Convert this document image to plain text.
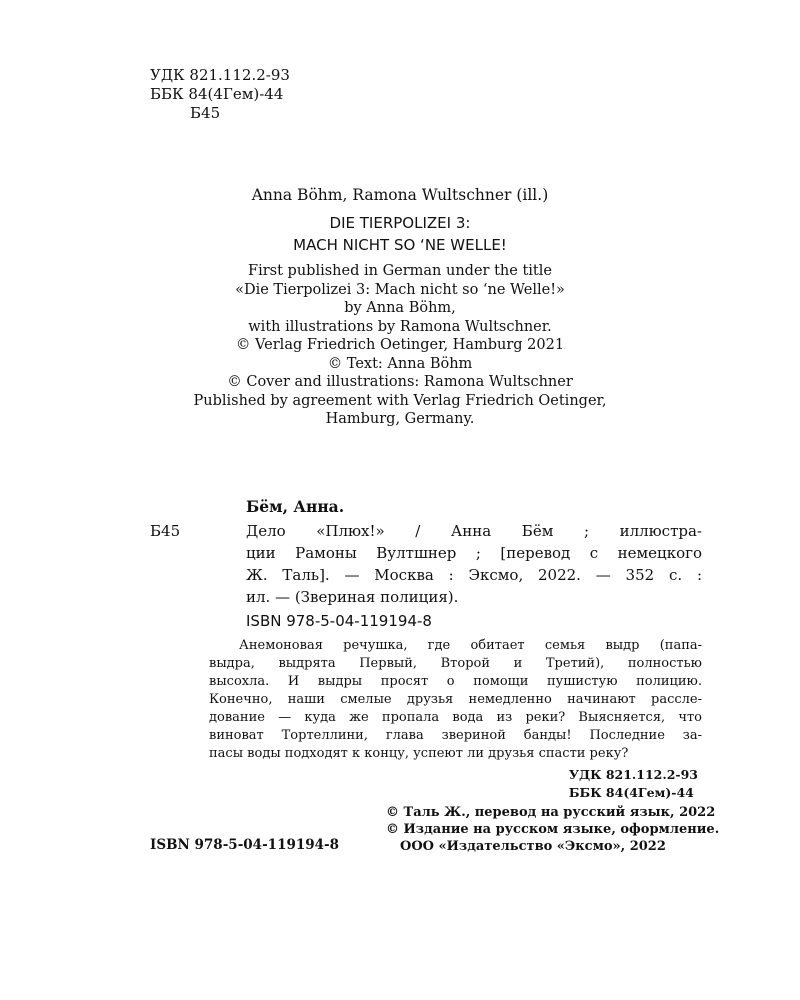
УДК 821.112.2-93
ББК 84(4Гем)-44
Б45
Anna Böhm, Ramona Wultschner (ill.)
DIE TIERPOLIZEI 3:
MACH NICHT SO ‘NE WELLE!
First published in German under the title
«Die Tierpolizei 3: Mach nicht so ‘ne Welle!»
by Anna Böhm,
with illustrations by Ramona Wultschner.
© Verlag Friedrich Oetinger, Hamburg 2021
© Text: Anna Böhm
© Cover and illustrations: Ramona Wultschner
Published by agreement with Verlag Friedrich Oetinger,
Hamburg, Germany.
Бём, Анна.
Б45	Дело «Плюх!» / Анна Бём ; иллюстра-
ции Рамоны Вултшнер ; [перевод с немецкого
Ж. Таль]. — Москва : Эксмо, 2022. — 352 с. :
ил. — (Звериная полиция).
ISBN 978-5-04-119194-8
Анемоновая речушка, где обитает семья выдр (папа-
выдра, выдрята Первый, Второй и Третий), полностью
высохла. И выдры просят о помощи пушистую полицию.
Конечно, наши смелые друзья немедленно начинают рассле-
дование — куда же пропала вода из реки? Выясняется, что
виноват Тортеллини, глава звериной банды! Последние за-
пасы воды подходят к концу, успеют ли друзья спасти реку?
УДК 821.112.2-93
ББК 84(4Гем)-44
© Таль Ж., перевод на русский язык, 2022
© Издание на русском языке, оформление.
ООО «Издательство «Эксмо», 2022
ISBN 978-5-04-119194-8
